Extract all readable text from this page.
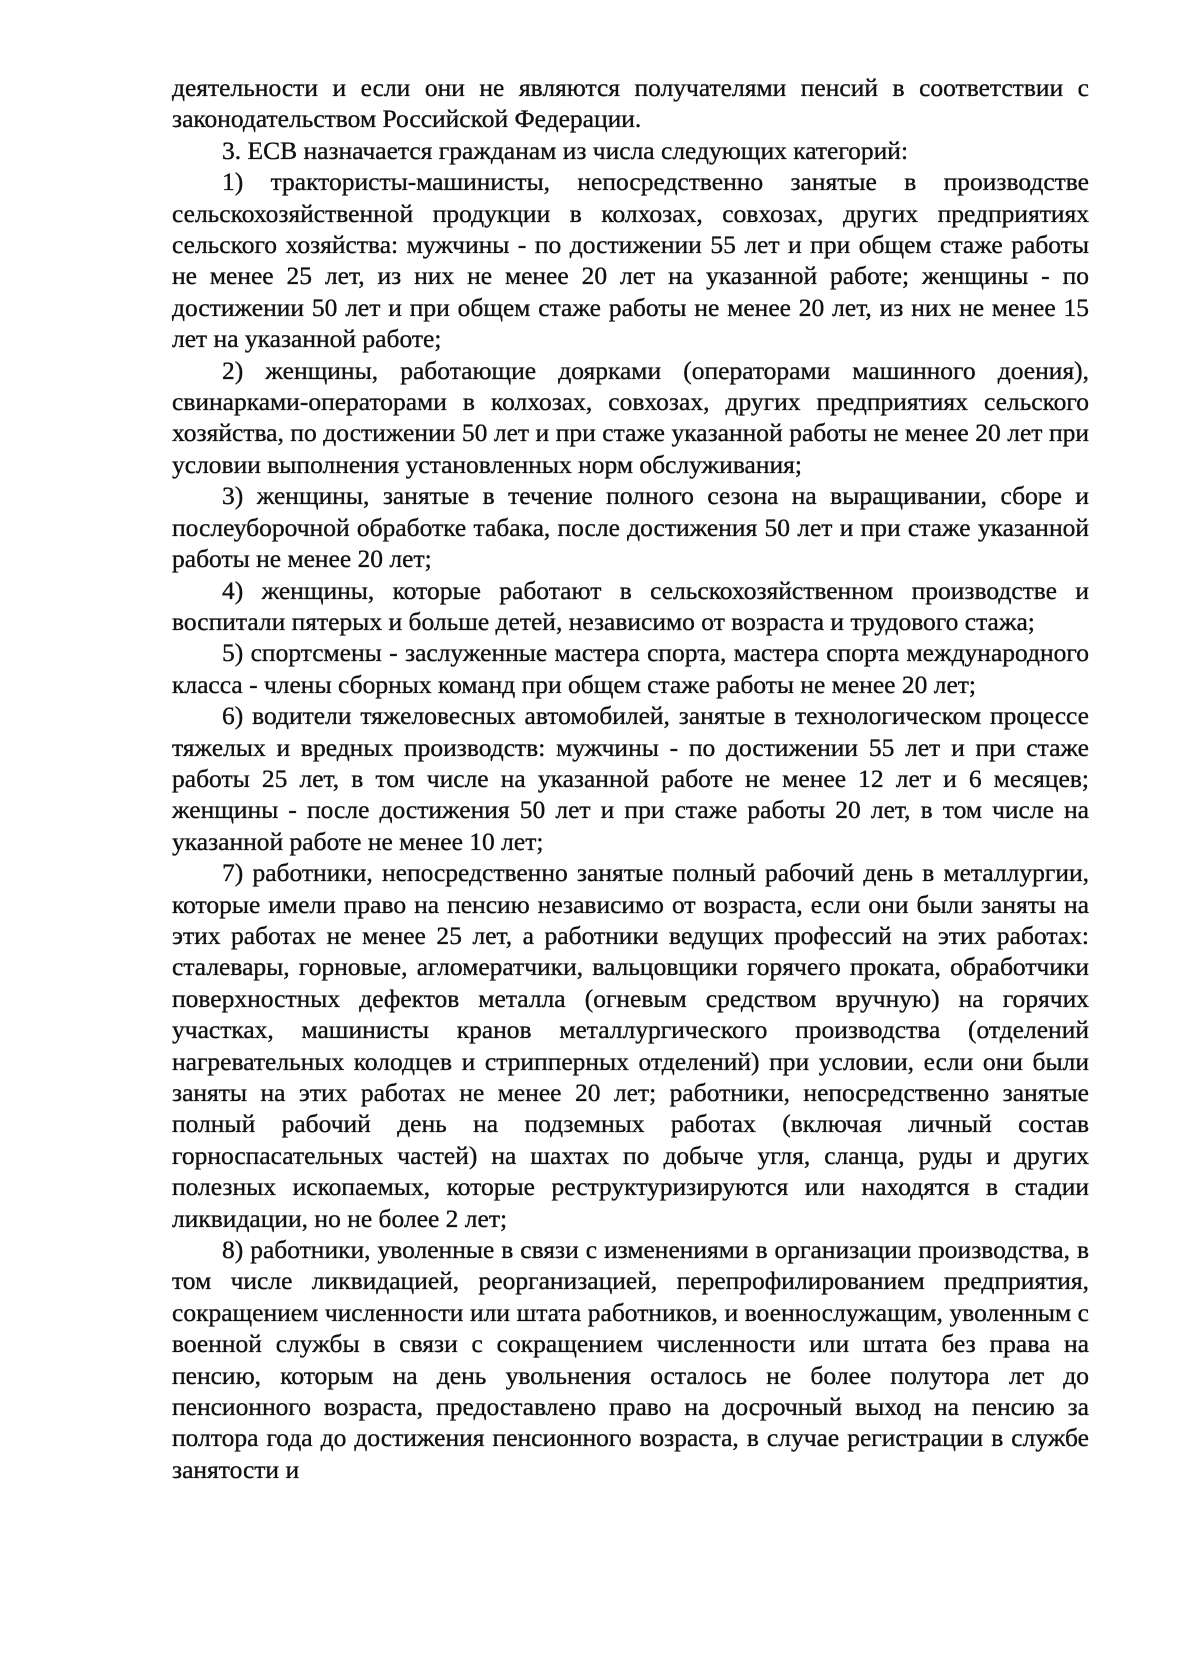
деятельности и если они не являются получателями пенсий в соответствии с законодательством Российской Федерации.

3. ЕСВ назначается гражданам из числа следующих категорий:

1) трактористы-машинисты, непосредственно занятые в производстве сельскохозяйственной продукции в колхозах, совхозах, других предприятиях сельского хозяйства: мужчины - по достижении 55 лет и при общем стаже работы не менее 25 лет, из них не менее 20 лет на указанной работе; женщины - по достижении 50 лет и при общем стаже работы не менее 20 лет, из них не менее 15 лет на указанной работе;

2) женщины, работающие доярками (операторами машинного доения), свинарками-операторами в колхозах, совхозах, других предприятиях сельского хозяйства, по достижении 50 лет и при стаже указанной работы не менее 20 лет при условии выполнения установленных норм обслуживания;

3) женщины, занятые в течение полного сезона на выращивании, сборе и послеуборочной обработке табака, после достижения 50 лет и при стаже указанной работы не менее 20 лет;

4) женщины, которые работают в сельскохозяйственном производстве и воспитали пятерых и больше детей, независимо от возраста и трудового стажа;

5) спортсмены - заслуженные мастера спорта, мастера спорта международного класса - члены сборных команд при общем стаже работы не менее 20 лет;

6) водители тяжеловесных автомобилей, занятые в технологическом процессе тяжелых и вредных производств: мужчины - по достижении 55 лет и при стаже работы 25 лет, в том числе на указанной работе не менее 12 лет и 6 месяцев; женщины - после достижения 50 лет и при стаже работы 20 лет, в том числе на указанной работе не менее 10 лет;

7) работники, непосредственно занятые полный рабочий день в металлургии, которые имели право на пенсию независимо от возраста, если они были заняты на этих работах не менее 25 лет, а работники ведущих профессий на этих работах: сталевары, горновые, агломератчики, вальцовщики горячего проката, обработчики поверхностных дефектов металла (огневым средством вручную) на горячих участках, машинисты кранов металлургического производства (отделений нагревательных колодцев и стрипперных отделений) при условии, если они были заняты на этих работах не менее 20 лет; работники, непосредственно занятые полный рабочий день на подземных работах (включая личный состав горноспасательных частей) на шахтах по добыче угля, сланца, руды и других полезных ископаемых, которые реструктуризируются или находятся в стадии ликвидации, но не более 2 лет;

8) работники, уволенные в связи с изменениями в организации производства, в том числе ликвидацией, реорганизацией, перепрофилированием предприятия, сокращением численности или штата работников, и военнослужащим, уволенным с военной службы в связи с сокращением численности или штата без права на пенсию, которым на день увольнения осталось не более полутора лет до пенсионного возраста, предоставлено право на досрочный выход на пенсию за полтора года до достижения пенсионного возраста, в случае регистрации в службе занятости и
